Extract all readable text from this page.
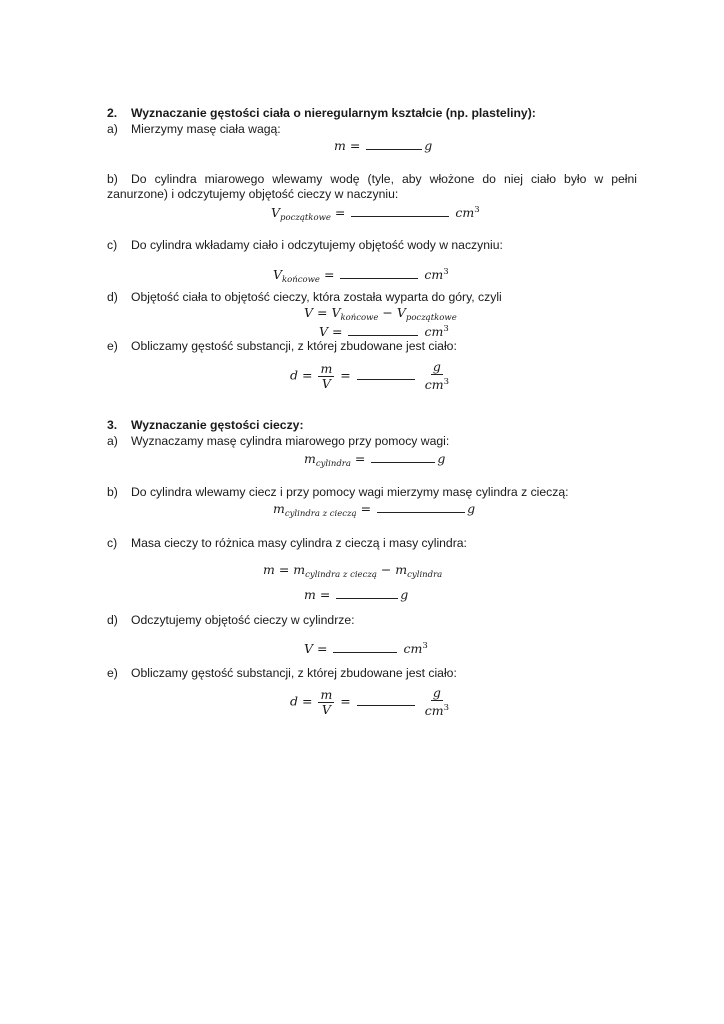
2. Wyznaczanie gęstości ciała o nieregularnym kształcie (np. plasteliny):
a) Mierzymy masę ciała wagą:
m =	g
b) Do cylindra miarowego wlewamy wodę (tyle, aby włożone do niej ciało było w pełni zanurzone) i odczytujemy objętość cieczy w naczyniu:
$V_{początkowe}$ =	$cm^3$
c) Do cylindra wkładamy ciało i odczytujemy objętość wody w naczyniu:
$V_{końcowe}$ =	$cm^3$
d) Objętość ciała to objętość cieczy, która została wyparta do góry, czyli
$V = V_{końcowe} - V_{początkowe}$
V =	$cm^3$
e) Obliczamy gęstość substancji, z której zbudowane jest ciało:
$d = \frac{m}{V}$ =	$\frac{g}{cm^3}$
3. Wyznaczanie gęstości cieczy:
a) Wyznaczamy masę cylindra miarowego przy pomocy wagi:
$m_{cylindra}$ =	g
b) Do cylindra wlewamy ciecz i przy pomocy wagi mierzymy masę cylindra z cieczą:
$m_{cylindra z cieczą}$ =	g
c) Masa cieczy to różnica masy cylindra z cieczą i masy cylindra:
$m = m_{cylindra z cieczą} - m_{cylindra}$
m =	g
d) Odczytujemy objętość cieczy w cylindrze:
V =	$cm^3$
e) Obliczamy gęstość substancji, z której zbudowane jest ciało:
$d = \frac{m}{V}$ =	$\frac{g}{cm^3}$
